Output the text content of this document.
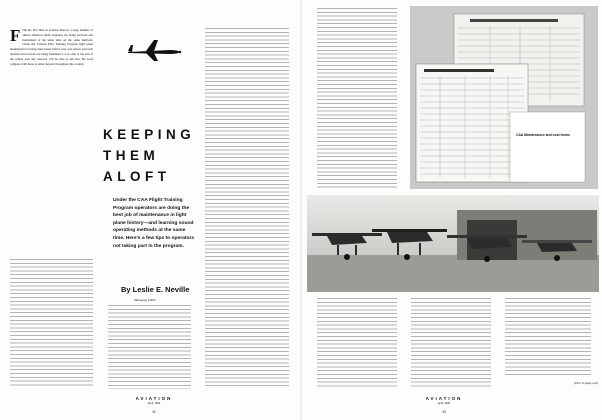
F OR the first time in aviation history, a large number of almost identical small airplanes are being serviced and maintained at the same time on the same methods. Under the Civilian Pilot Training Program light plane maintenance is being done better than it ever was before and each airplane and records are being furnished C.A.A. that at the end of the school year any operator will be able to sell how his costs compare with those at other airports throughout the country.
KEEPING
THEM
ALOFT
Under the CAA Flight Training Program operators are doing the best job of maintenance in light plane history—and learning sound operating methods at the same time. Here's a few tips to operators not taking part in the program.
By Leslie E. Neville
Managing Editor
AVIATION
April, 1940
42
CAA Maintenance and cost forms
(Turn to page 122)
AVIATION
April, 1940
43
